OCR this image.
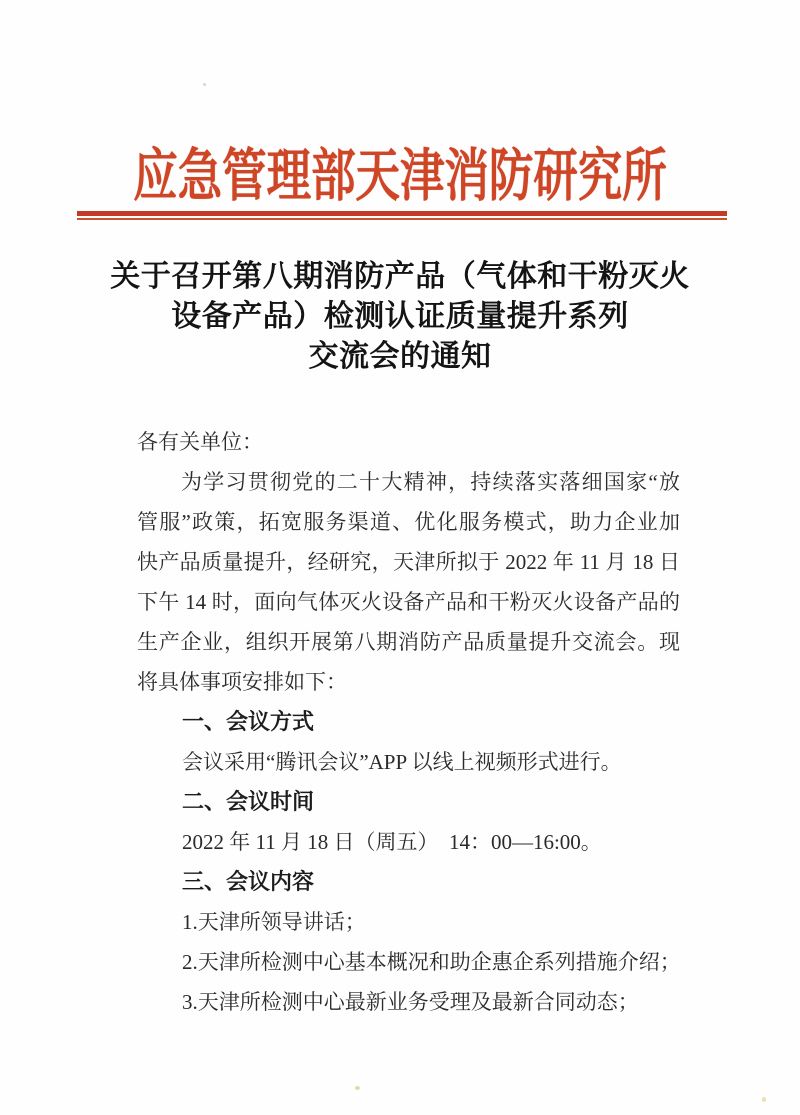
应急管理部天津消防研究所
关于召开第八期消防产品（气体和干粉灭火
设备产品）检测认证质量提升系列
交流会的通知
各有关单位：
为学习贯彻党的二十大精神，持续落实落细国家“放
管服”政策，拓宽服务渠道、优化服务模式，助力企业加
快产品质量提升，经研究，天津所拟于 2022 年 11 月 18 日
下午 14 时，面向气体灭火设备产品和干粉灭火设备产品的
生产企业，组织开展第八期消防产品质量提升交流会。现
将具体事项安排如下：
一、会议方式
会议采用“腾讯会议”APP 以线上视频形式进行。
二、会议时间
2022 年 11 月 18 日（周五）  14：00—16:00。
三、会议内容
1.天津所领导讲话；
2.天津所检测中心基本概况和助企惠企系列措施介绍；
3.天津所检测中心最新业务受理及最新合同动态；
